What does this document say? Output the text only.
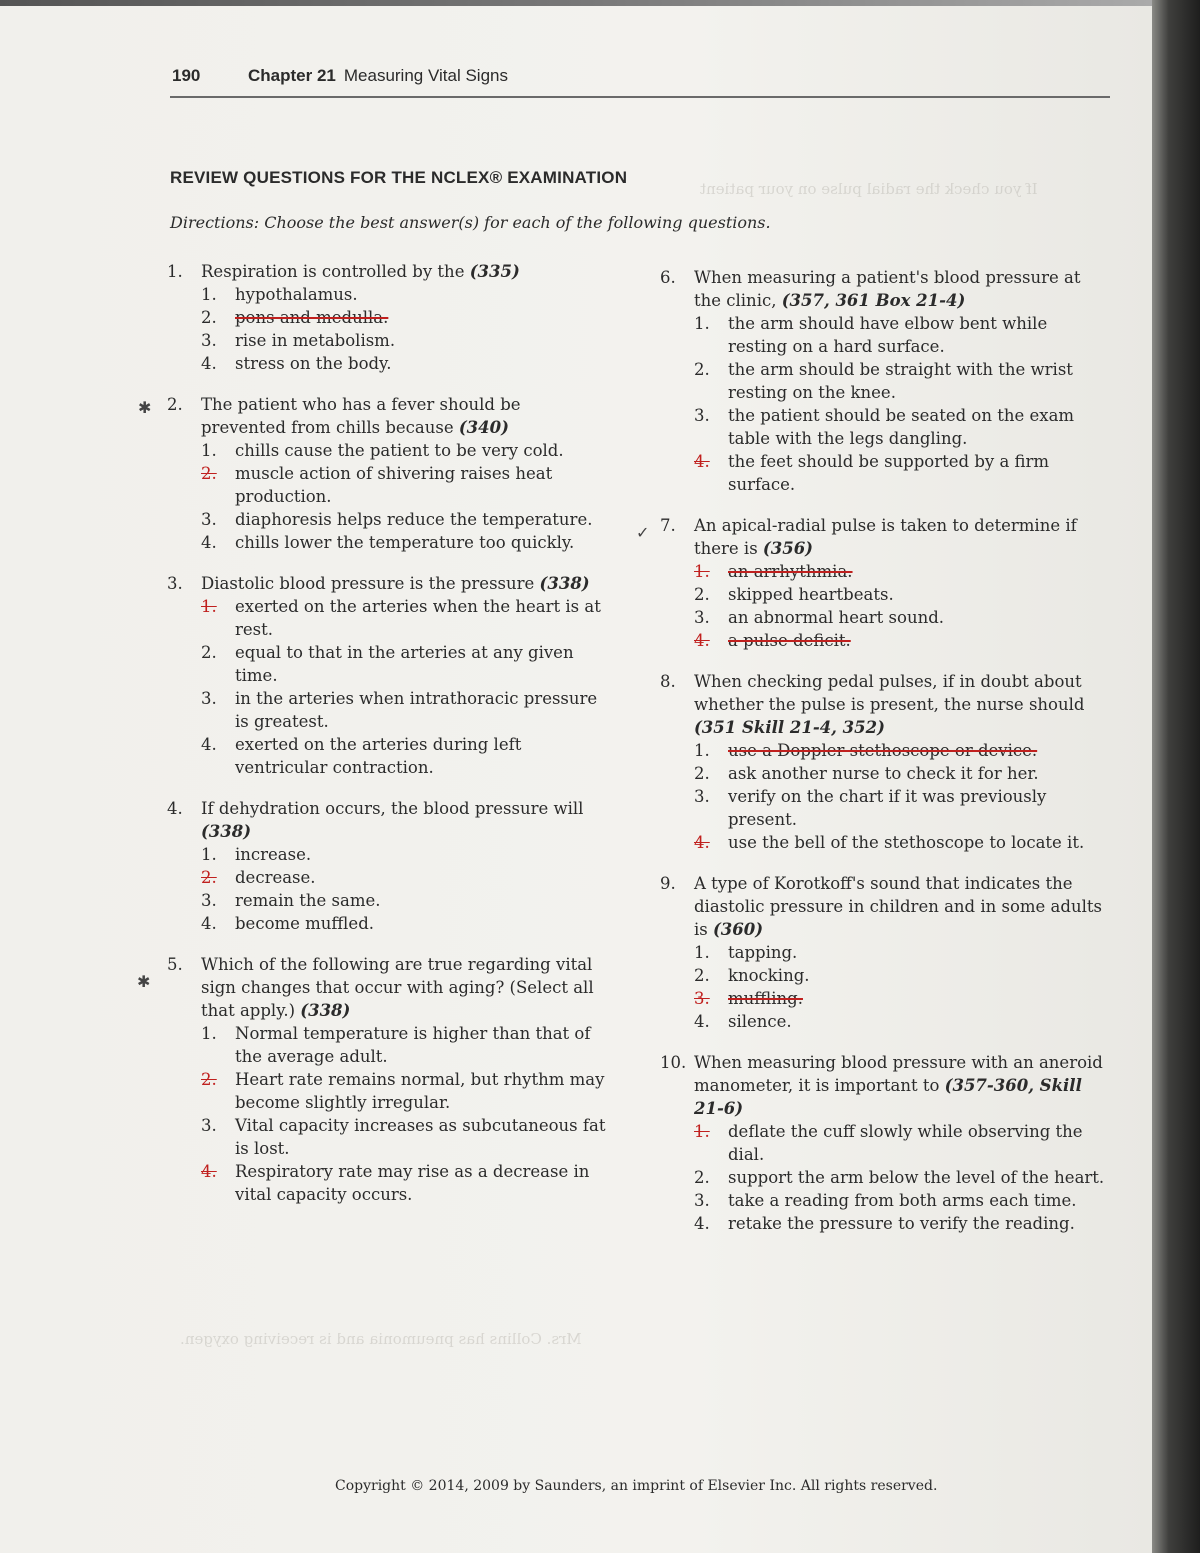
If you check the radial pulse on your patient
Mrs. Collins has pneumonia and is receiving oxygen.
190	Chapter 21 Measuring Vital Signs
REVIEW QUESTIONS FOR THE NCLEX® EXAMINATION
Directions: Choose the best answer(s) for each of the following questions.
✱
✱
✓
1.	Respiration is controlled by the (335)
1.	hypothalamus.
2.	pons and medulla.
3.	rise in metabolism.
4.	stress on the body.
2.	The patient who has a fever should be prevented from chills because (340)
1.	chills cause the patient to be very cold.
2.	muscle action of shivering raises heat production.
3.	diaphoresis helps reduce the temperature.
4.	chills lower the temperature too quickly.
3.	Diastolic blood pressure is the pressure (338)
1.	exerted on the arteries when the heart is at rest.
2.	equal to that in the arteries at any given time.
3.	in the arteries when intrathoracic pressure is greatest.
4.	exerted on the arteries during left ventricular contraction.
4.	If dehydration occurs, the blood pressure will (338)
1.	increase.
2.	decrease.
3.	remain the same.
4.	become muffled.
5.	Which of the following are true regarding vital sign changes that occur with aging? (Select all that apply.) (338)
1.	Normal temperature is higher than that of the average adult.
2.	Heart rate remains normal, but rhythm may become slightly irregular.
3.	Vital capacity increases as subcutaneous fat is lost.
4.	Respiratory rate may rise as a decrease in vital capacity occurs.
6.	When measuring a patient's blood pressure at the clinic, (357, 361 Box 21-4)
1.	the arm should have elbow bent while resting on a hard surface.
2.	the arm should be straight with the wrist resting on the knee.
3.	the patient should be seated on the exam table with the legs dangling.
4.	the feet should be supported by a firm surface.
7.	An apical-radial pulse is taken to determine if there is (356)
1.	an arrhythmia.
2.	skipped heartbeats.
3.	an abnormal heart sound.
4.	a pulse deficit.
8.	When checking pedal pulses, if in doubt about whether the pulse is present, the nurse should (351 Skill 21-4, 352)
1.	use a Doppler stethoscope or device.
2.	ask another nurse to check it for her.
3.	verify on the chart if it was previously present.
4.	use the bell of the stethoscope to locate it.
9.	A type of Korotkoff's sound that indicates the diastolic pressure in children and in some adults is (360)
1.	tapping.
2.	knocking.
3.	muffling.
4.	silence.
10. When measuring blood pressure with an aneroid manometer, it is important to (357-360, Skill 21-6)
1.	deflate the cuff slowly while observing the dial.
2.	support the arm below the level of the heart.
3.	take a reading from both arms each time.
4.	retake the pressure to verify the reading.
Copyright © 2014, 2009 by Saunders, an imprint of Elsevier Inc. All rights reserved.
